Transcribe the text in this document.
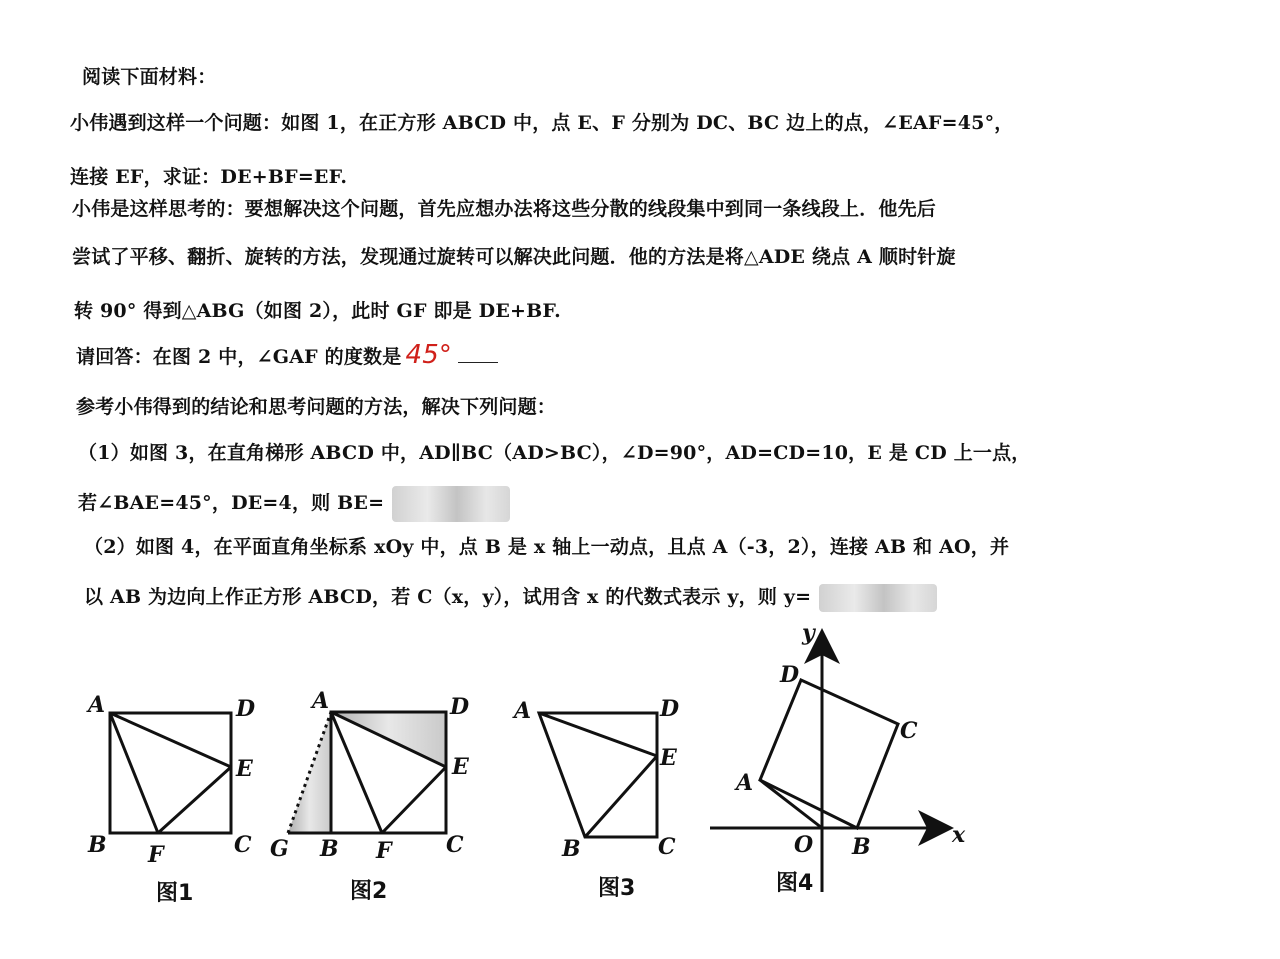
阅读下面材料：
小伟遇到这样一个问题：如图 1，在正方形 ABCD 中，点 E、F 分别为 DC、BC 边上的点，∠EAF=45°，
连接 EF，求证：DE+BF=EF.
小伟是这样思考的：要想解决这个问题，首先应想办法将这些分散的线段集中到同一条线段上．他先后
尝试了平移、翻折、旋转的方法，发现通过旋转可以解决此问题．他的方法是将△ADE 绕点 A 顺时针旋
转 90° 得到△ABG（如图 2），此时 GF 即是 DE+BF.
请回答：在图 2 中，∠GAF 的度数是 45°
参考小伟得到的结论和思考问题的方法，解决下列问题：
（1）如图 3，在直角梯形 ABCD 中，AD∥BC（AD>BC），∠D=90°，AD=CD=10，E 是 CD 上一点，
若∠BAE=45°，DE=4，则 BE=
（2）如图 4，在平面直角坐标系 xOy 中，点 B 是 x 轴上一动点，且点 A（-3，2），连接 AB 和 AO，并
以 AB 为边向上作正方形 ABCD，若 C（x，y），试用含 x 的代数式表示 y，则 y=
A	D
E
B F	C
图1
A	D
E
G B F C
图2
A	D
E
B	C
图3
y
x
D
C
A
O B
图4
